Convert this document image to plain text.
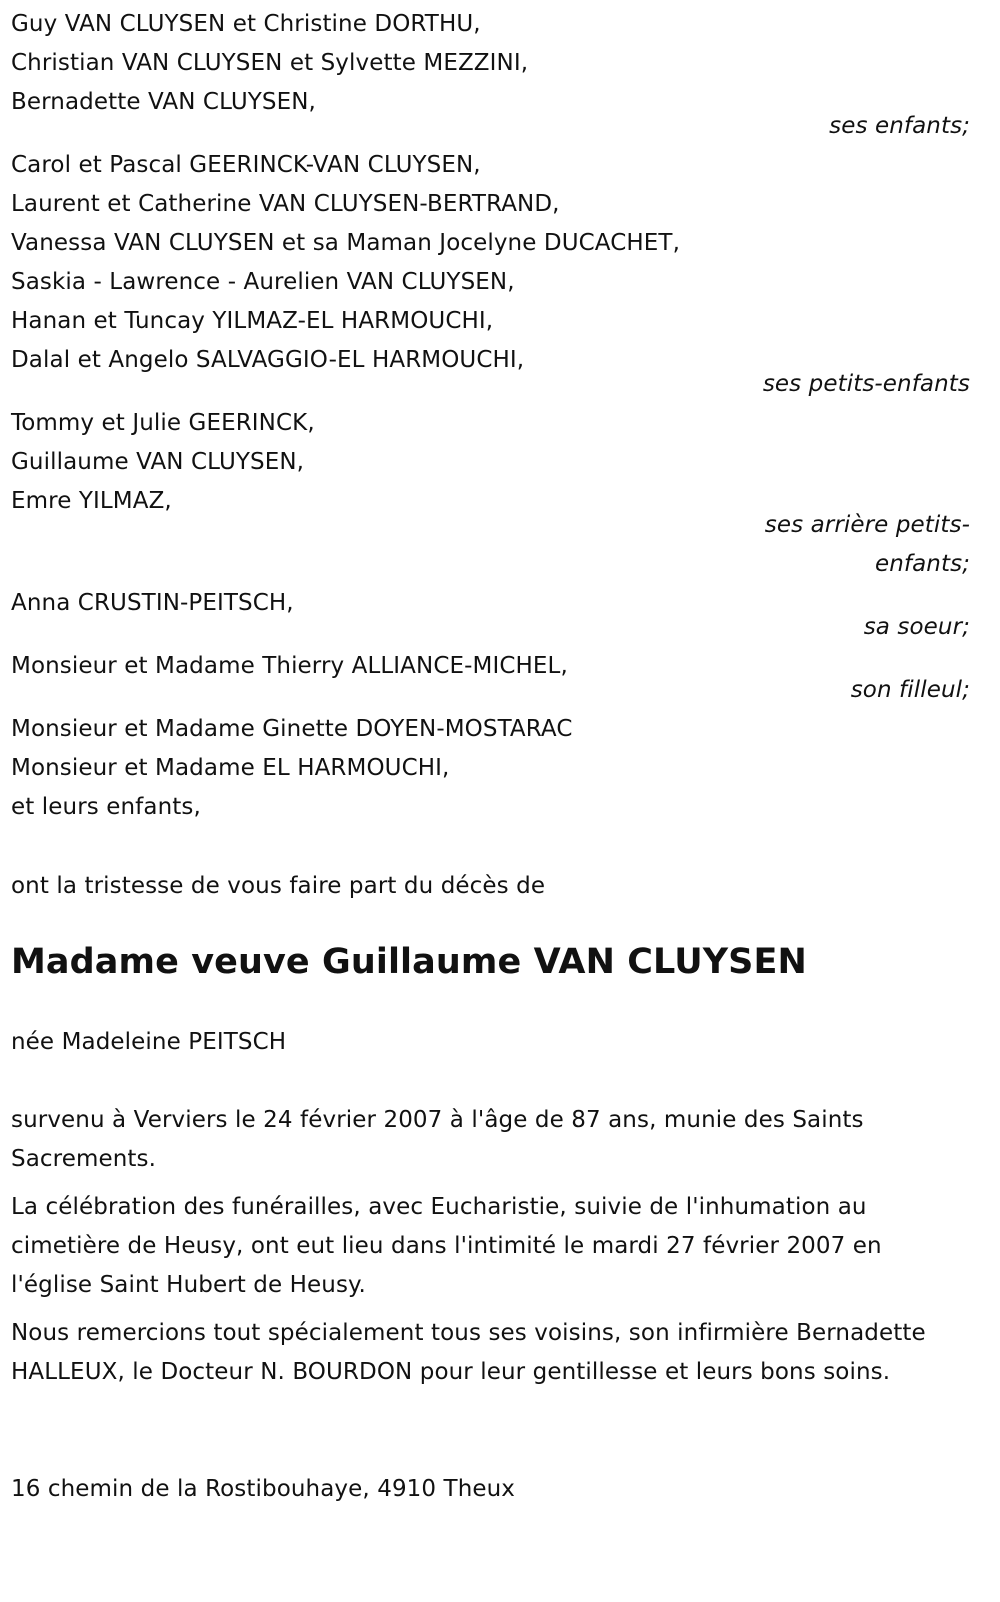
Guy VAN CLUYSEN et Christine DORTHU,
Christian VAN CLUYSEN et Sylvette MEZZINI,
Bernadette VAN CLUYSEN,
ses enfants;
Carol et Pascal GEERINCK-VAN CLUYSEN,
Laurent et Catherine VAN CLUYSEN-BERTRAND,
Vanessa VAN CLUYSEN et sa Maman Jocelyne DUCACHET,
Saskia - Lawrence - Aurelien VAN CLUYSEN,
Hanan et Tuncay YILMAZ-EL HARMOUCHI,
Dalal et Angelo SALVAGGIO-EL HARMOUCHI,
ses petits-enfants
Tommy et Julie GEERINCK,
Guillaume VAN CLUYSEN,
Emre YILMAZ,
ses arrière petits-enfants;
Anna CRUSTIN-PEITSCH,
sa soeur;
Monsieur et Madame Thierry ALLIANCE-MICHEL,
son filleul;
Monsieur et Madame Ginette DOYEN-MOSTARAC
Monsieur et Madame EL HARMOUCHI,
et leurs enfants,
ont la tristesse de vous faire part du décès de
Madame veuve Guillaume VAN CLUYSEN
née Madeleine PEITSCH
survenu à Verviers le 24 février 2007 à l'âge de 87 ans, munie des Saints Sacrements.
La célébration des funérailles, avec Eucharistie, suivie de l'inhumation au cimetière de Heusy, ont eut lieu dans l'intimité le mardi 27 février 2007 en l'église Saint Hubert de Heusy.
Nous remercions tout spécialement tous ses voisins, son infirmière Bernadette HALLEUX, le Docteur N. BOURDON pour leur gentillesse et leurs bons soins.
16 chemin de la Rostibouhaye, 4910 Theux
